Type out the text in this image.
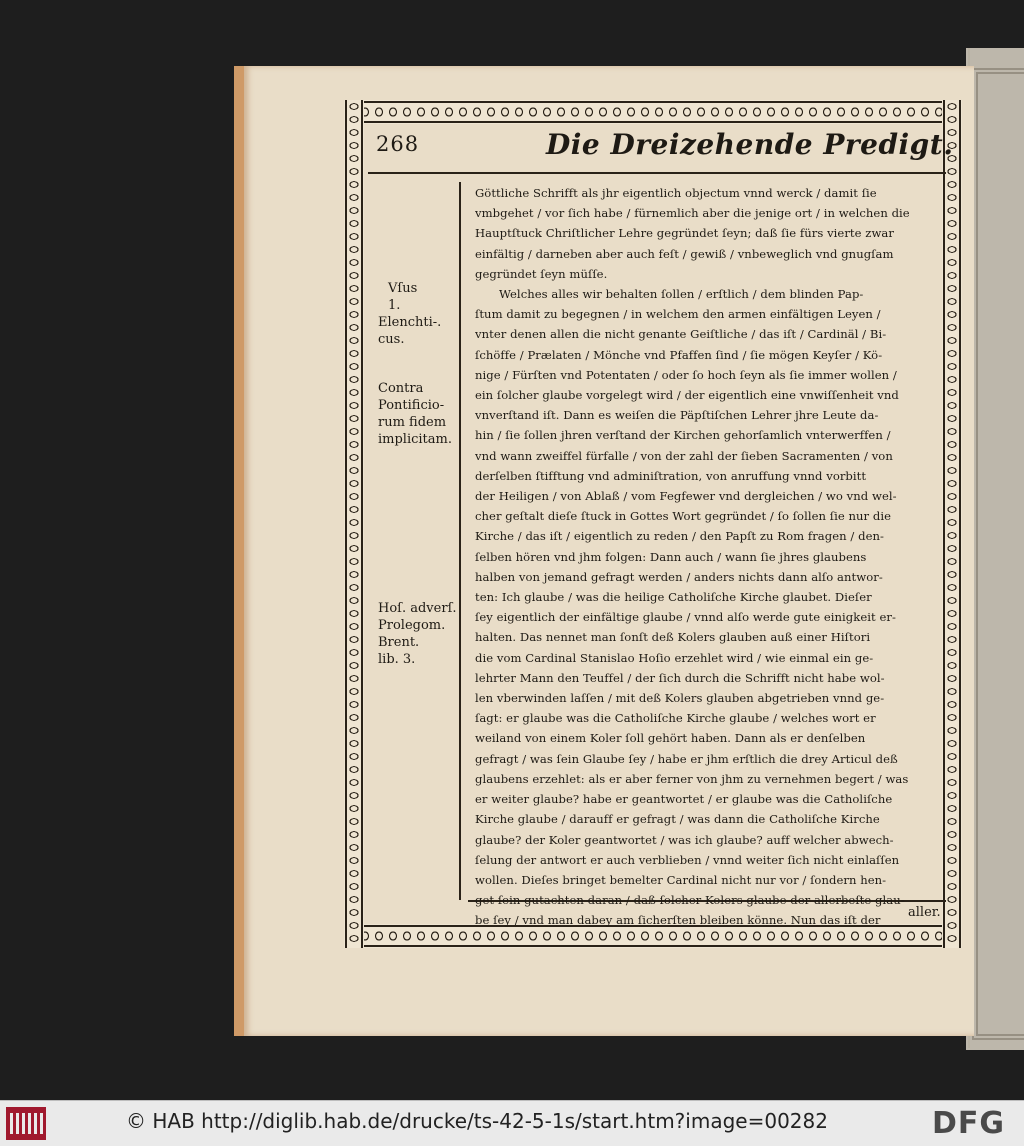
268	Die Dreizehende Predigt.
Vſus
1.
Elenchti-.
cus.
Contra
Pontificio-
rum fidem
implicitam.
Hoſ. adverſ.
Prolegom.
Brent.
lib. 3.
Göttliche Schrifft als jhr eigentlich objectum vnnd werck / damit ſie
vmbgehet / vor ſich habe / fürnemlich aber die jenige ort / in welchen die
Hauptſtuck Chriſtlicher Lehre gegründet ſeyn; daß ſie fürs vierte zwar
einfältig / darneben aber auch feſt / gewiß / vnbeweglich vnd gnugſam
gegründet ſeyn müſſe.
Welches alles wir behalten ſollen / erſtlich / dem blinden Pap-
ſtum damit zu begegnen / in welchem den armen einfältigen Leyen /
vnter denen allen die nicht genante Geiſtliche / das iſt / Cardinäl / Bi-
ſchöffe / Prælaten / Mönche vnd Pfaffen ſind / ſie mögen Keyſer / Kö-
nige / Fürſten vnd Potentaten / oder ſo hoch ſeyn als ſie immer wollen /
ein ſolcher glaube vorgelegt wird / der eigentlich eine vnwiſſenheit vnd
vnverſtand iſt. Dann es weiſen die Päpſtiſchen Lehrer jhre Leute da-
hin / ſie ſollen jhren verſtand der Kirchen gehorſamlich vnterwerffen /
vnd wann zweiffel fürfalle / von der zahl der ſieben Sacramenten / von
derſelben ſtifftung vnd adminiſtration, von anruffung vnnd vorbitt
der Heiligen / von Ablaß / vom Fegfewer vnd dergleichen / wo vnd wel-
cher geſtalt dieſe ſtuck in Gottes Wort gegründet / ſo ſollen ſie nur die
Kirche / das iſt / eigentlich zu reden / den Papſt zu Rom fragen / den-
ſelben hören vnd jhm folgen: Dann auch / wann ſie jhres glaubens
halben von jemand gefragt werden / anders nichts dann alſo antwor-
ten: Ich glaube / was die heilige Catholiſche Kirche glaubet. Dieſer
ſey eigentlich der einfältige glaube / vnnd alſo werde gute einigkeit er-
halten. Das nennet man ſonſt deß Kolers glauben auß einer Hiſtori
die vom Cardinal Stanislao Hoſio erzehlet wird / wie einmal ein ge-
lehrter Mann den Teuffel / der ſich durch die Schrifft nicht habe wol-
len vberwinden laſſen / mit deß Kolers glauben abgetrieben vnnd ge-
ſagt: er glaube was die Catholiſche Kirche glaube / welches wort er
weiland von einem Koler ſoll gehört haben. Dann als er denſelben
gefragt / was ſein Glaube ſey / habe er jhm erſtlich die drey Articul deß
glaubens erzehlet: als er aber ferner von jhm zu vernehmen begert / was
er weiter glaube? habe er geantwortet / er glaube was die Catholiſche
Kirche glaube / darauff er gefragt / was dann die Catholiſche Kirche
glaube? der Koler geantwortet / was ich glaube? auff welcher abwech-
ſelung der antwort er auch verblieben / vnnd weiter ſich nicht einlaſſen
wollen. Dieſes bringet bemelter Cardinal nicht nur vor / ſondern hen-
get ſein gutachten daran / daß ſolcher Kolers glaube der allerbeſte glau-
be ſey / vnd man dabey am ſicherſten bleiben könne. Nun das iſt der
aller.
© HAB http://diglib.hab.de/drucke/ts-42-5-1s/start.htm?image=00282	DFG
